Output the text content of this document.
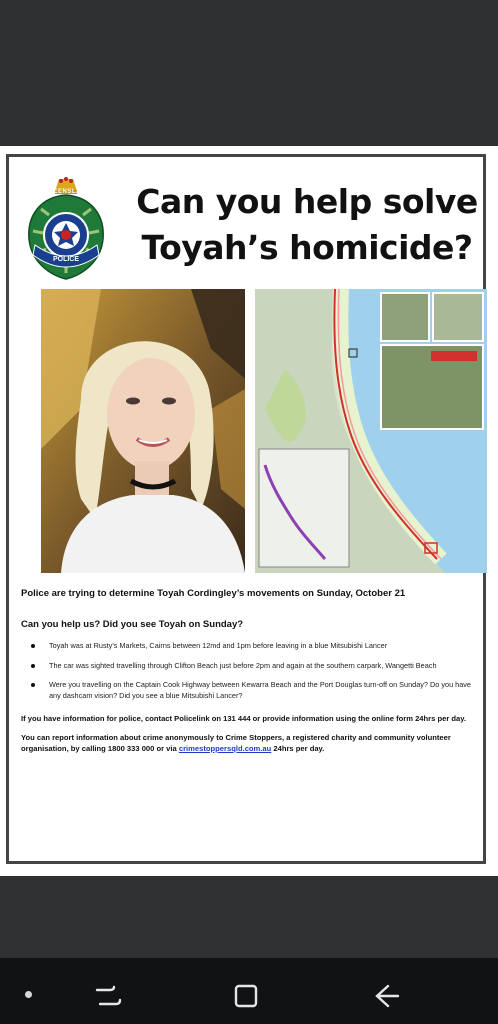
QUEENSLAND
POLICE
Can you help solve
Toyah’s homicide?

Police are trying to determine Toyah Cordingley’s movements on Sunday, October 21

Can you help us? Did you see Toyah on Sunday?

Toyah was at Rusty’s Markets, Cairns between 12md and 1pm before leaving in a blue Mitsubishi Lancer
The car was sighted travelling through Clifton Beach just before 2pm and again at the southern carpark, Wangetti Beach
Were you travelling on the Captain Cook Highway between Kewarra Beach and the Port Douglas turn-off on Sunday? Do you have any dashcam vision? Did you see a blue Mitsubishi Lancer?

If you have information for police, contact Policelink on 131 444 or provide information using the online form 24hrs per day.

You can report information about crime anonymously to Crime Stoppers, a registered charity and community volunteer organisation, by calling 1800 333 000 or via crimestoppersqld.com.au 24hrs per day.
